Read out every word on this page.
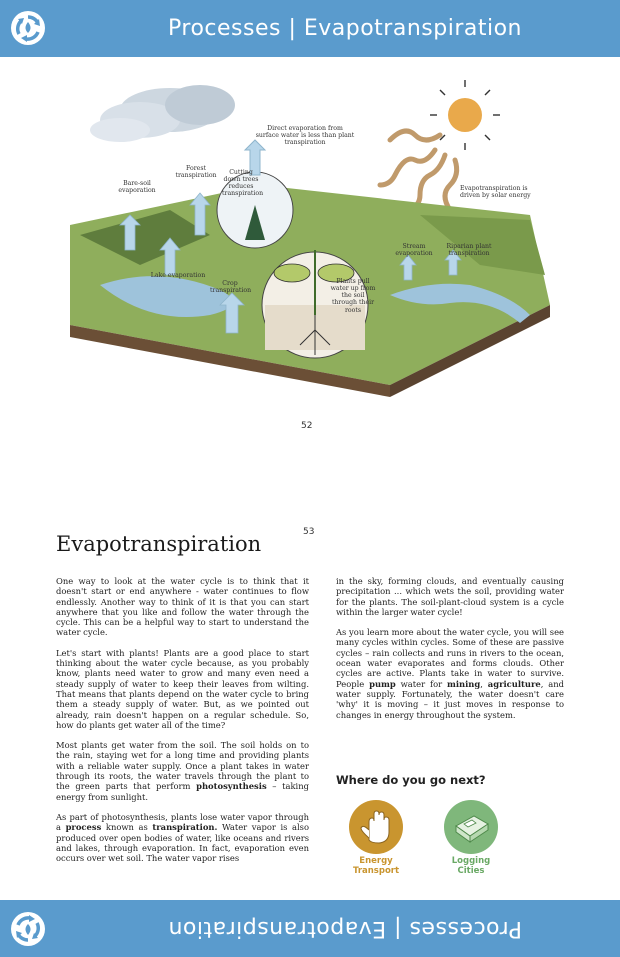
Processes | Evapotranspiration
Direct evaporation from surface water is less than plant transpiration
Bare-soil evaporation
Forest transpiration	Cutting down trees reduces transpiration
Evapotranspiration is driven by solar energy
Stream evaporation
Riparian plant transpiration
Lake evaporation
Crop transpiration
Plants pull water up from the soil through their roots
52
53
Evapotranspiration

One way to look at the water cycle is to think that it doesn't start or end anywhere - water continues to flow endlessly. Another way to think of it is that you can start anywhere that you like and follow the water through the cycle. This can be a helpful way to start to understand the water cycle.

Let's start with plants! Plants are a good place to start thinking about the water cycle because, as you probably know, plants need water to grow and many even need a steady supply of water to keep their leaves from wilting. That means that plants depend on the water cycle to bring them a steady supply of water. But, as we pointed out already, rain doesn't happen on a regular schedule. So, how do plants get water all of the time?

Most plants get water from the soil. The soil holds on to the rain, staying wet for a long time and providing plants with a reliable water supply. Once a plant takes in water through its roots, the water travels through the plant to the green parts that perform photosynthesis – taking energy from sunlight.

As part of photosynthesis, plants lose water vapor through a process known as transpiration. Water vapor is also produced over open bodies of water, like oceans and rivers and lakes, through evaporation. In fact, evaporation even occurs over wet soil. The water vapor rises

in the sky, forming clouds, and eventually causing precipitation ... which wets the soil, providing water for the plants. The soil-plant-cloud system is a cycle within the larger water cycle!

As you learn more about the water cycle, you will see many cycles within cycles. Some of these are passive cycles – rain collects and runs in rivers to the ocean, ocean water evaporates and forms clouds. Other cycles are active. Plants take in water to survive. People pump water for mining, agriculture, and water supply. Fortunately, the water doesn't care 'why' it is moving – it just moves in response to changes in energy throughout the system.

Where do you go next?
Energy
Transport
Logging
Cities
Processes | Evapotranspiration
